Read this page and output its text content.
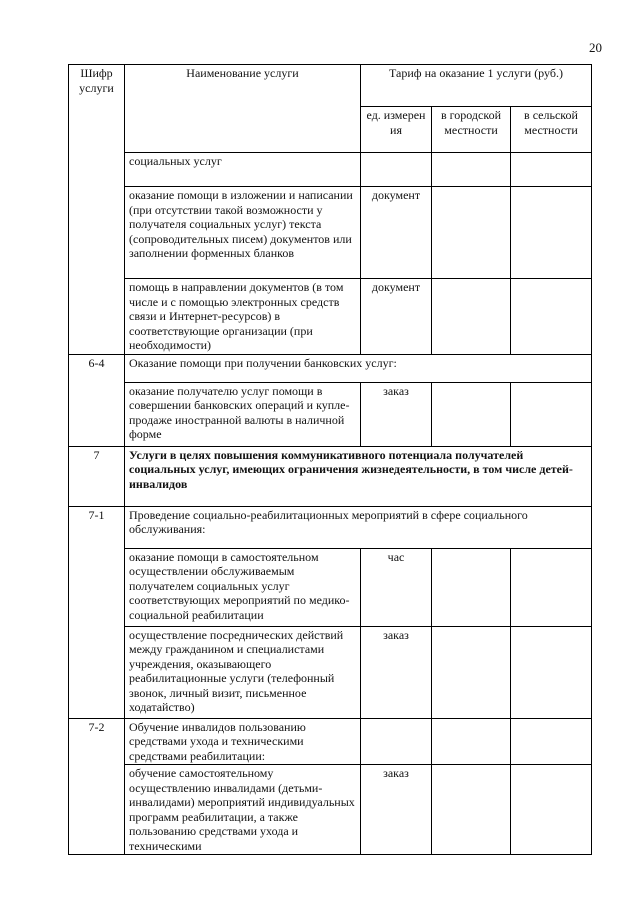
20
Шифр услуги	Наименование услуги	Тариф на оказание 1 услуги (руб.)		
		ед. измерен ия	в городской местности	в сельской местности
	социальных услуг			
	оказание помощи в изложении и написании (при отсутствии такой возможности у получателя социальных услуг) текста (сопроводительных писем) документов или заполнении форменных бланков	документ		
	помощь в направлении документов (в том числе и с помощью электронных средств связи и Интернет-ресурсов) в соответствующие организации (при необходимости)	документ		
6-4	Оказание помощи при получении банковских услуг:			
	оказание получателю услуг помощи в совершении банковских операций и купле-продаже иностранной валюты в наличной форме	заказ		
7	Услуги в целях повышения коммуникативного потенциала получателей социальных услуг, имеющих ограничения жизнедеятельности, в том числе детей-инвалидов			
7-1	Проведение социально-реабилитационных мероприятий в сфере социального обслуживания:			
	оказание помощи в самостоятельном осуществлении обслуживаемым получателем социальных услуг соответствующих мероприятий по медико-социальной реабилитации	час		
	осуществление посреднических действий между гражданином и специалистами учреждения, оказывающего реабилитационные услуги (телефонный звонок, личный визит, письменное ходатайство)	заказ		
7-2	Обучение инвалидов пользованию средствами ухода и техническими средствами реабилитации:			
	обучение самостоятельному осуществлению инвалидами (детьми-инвалидами) мероприятий индивидуальных программ реабилитации, а также пользованию средствами ухода и техническими	заказ		
